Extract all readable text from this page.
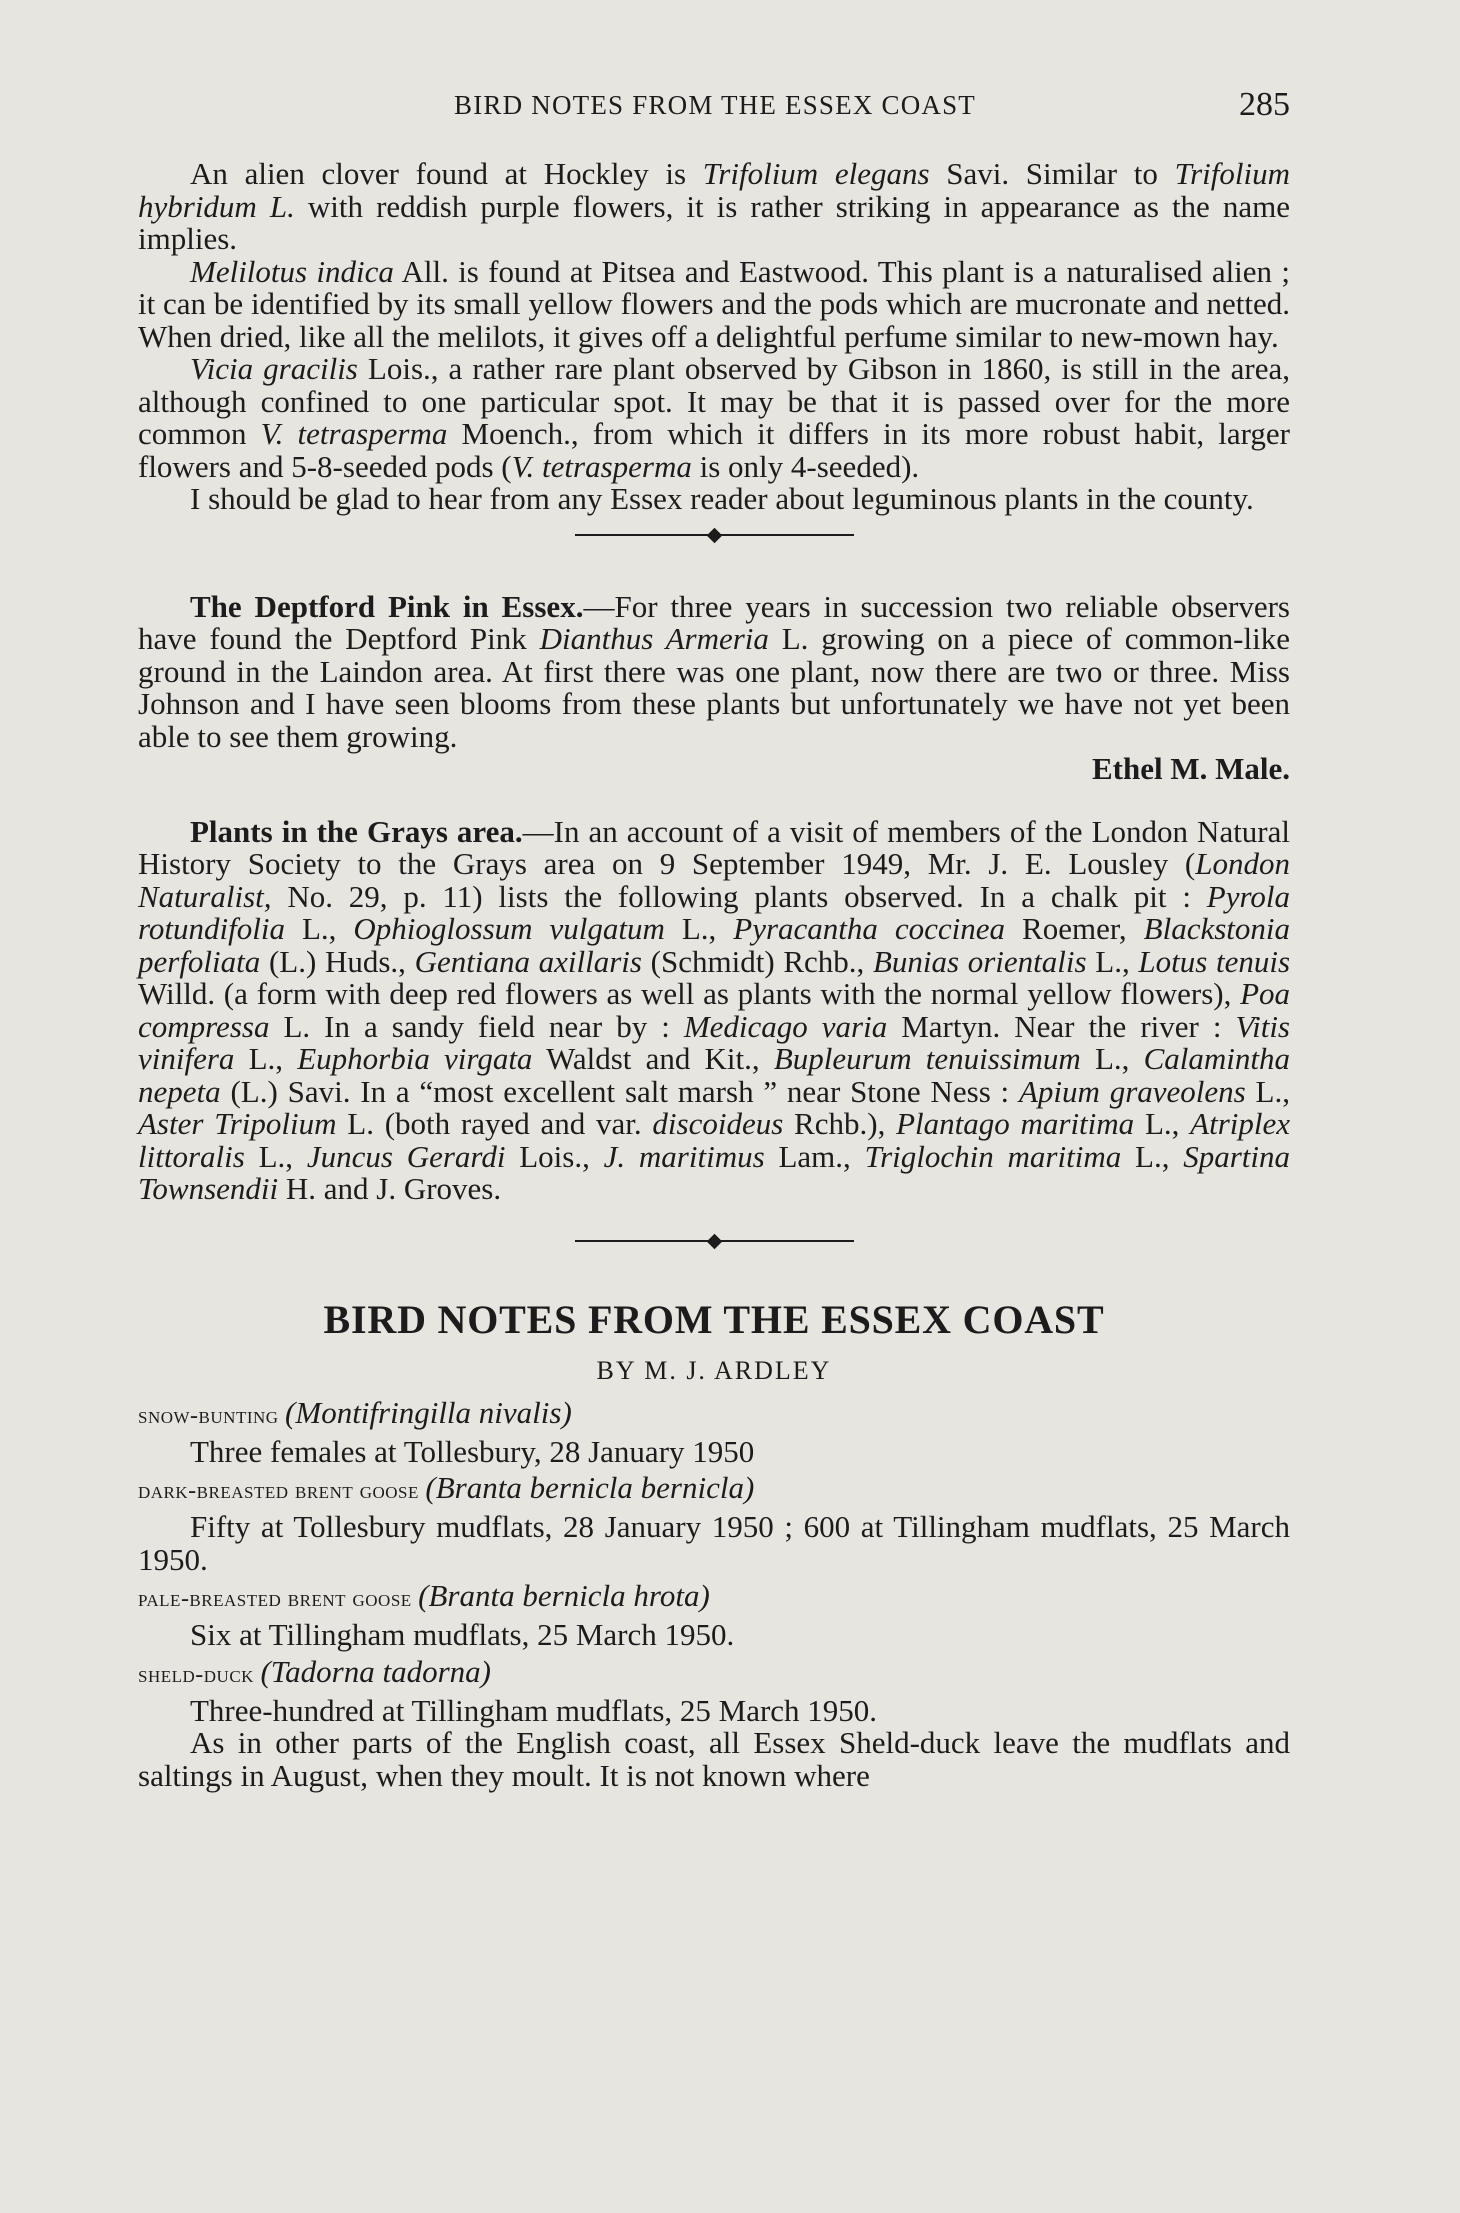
BIRD NOTES FROM THE ESSEX COAST	285

An alien clover found at Hockley is Trifolium elegans Savi. Similar to Trifolium hybridum L. with reddish purple flowers, it is rather striking in appearance as the name implies.

Melilotus indica All. is found at Pitsea and Eastwood. This plant is a naturalised alien ; it can be identified by its small yellow flowers and the pods which are mucronate and netted. When dried, like all the melilots, it gives off a delightful perfume similar to new-mown hay.

Vicia gracilis Lois., a rather rare plant observed by Gibson in 1860, is still in the area, although confined to one particular spot. It may be that it is passed over for the more common V. tetrasperma Moench., from which it differs in its more robust habit, larger flowers and 5-8-seeded pods (V. tetrasperma is only 4-seeded).

I should be glad to hear from any Essex reader about leguminous plants in the county.

The Deptford Pink in Essex.—For three years in succession two reliable observers have found the Deptford Pink Dianthus Armeria L. growing on a piece of common-like ground in the Laindon area. At first there was one plant, now there are two or three. Miss Johnson and I have seen blooms from these plants but unfortunately we have not yet been able to see them growing.

Ethel M. Male.

Plants in the Grays area.—In an account of a visit of members of the London Natural History Society to the Grays area on 9 September 1949, Mr. J. E. Lousley (London Naturalist, No. 29, p. 11) lists the following plants observed. In a chalk pit : Pyrola rotundifolia L., Ophioglossum vulgatum L., Pyracantha coccinea Roemer, Blackstonia perfoliata (L.) Huds., Gentiana axillaris (Schmidt) Rchb., Bunias orientalis L., Lotus tenuis Willd. (a form with deep red flowers as well as plants with the normal yellow flowers), Poa compressa L. In a sandy field near by : Medicago varia Martyn. Near the river : Vitis vinifera L., Euphorbia virgata Waldst and Kit., Bupleurum tenuissimum L., Calamintha nepeta (L.) Savi. In a “most excellent salt marsh ” near Stone Ness : Apium graveolens L., Aster Tripolium L. (both rayed and var. discoideus Rchb.), Plantago maritima L., Atriplex littoralis L., Juncus Gerardi Lois., J. maritimus Lam., Triglochin maritima L., Spartina Townsendii H. and J. Groves.

BIRD NOTES FROM THE ESSEX COAST
BY M. J. ARDLEY
snow-bunting (Montifringilla nivalis)

Three females at Tollesbury, 28 January 1950

dark-breasted brent goose (Branta bernicla bernicla)

Fifty at Tollesbury mudflats, 28 January 1950 ; 600 at Tillingham mudflats, 25 March 1950.

pale-breasted brent goose (Branta bernicla hrota)

Six at Tillingham mudflats, 25 March 1950.

sheld-duck (Tadorna tadorna)

Three-hundred at Tillingham mudflats, 25 March 1950.

As in other parts of the English coast, all Essex Sheld-duck leave the mudflats and saltings in August, when they moult. It is not known where
